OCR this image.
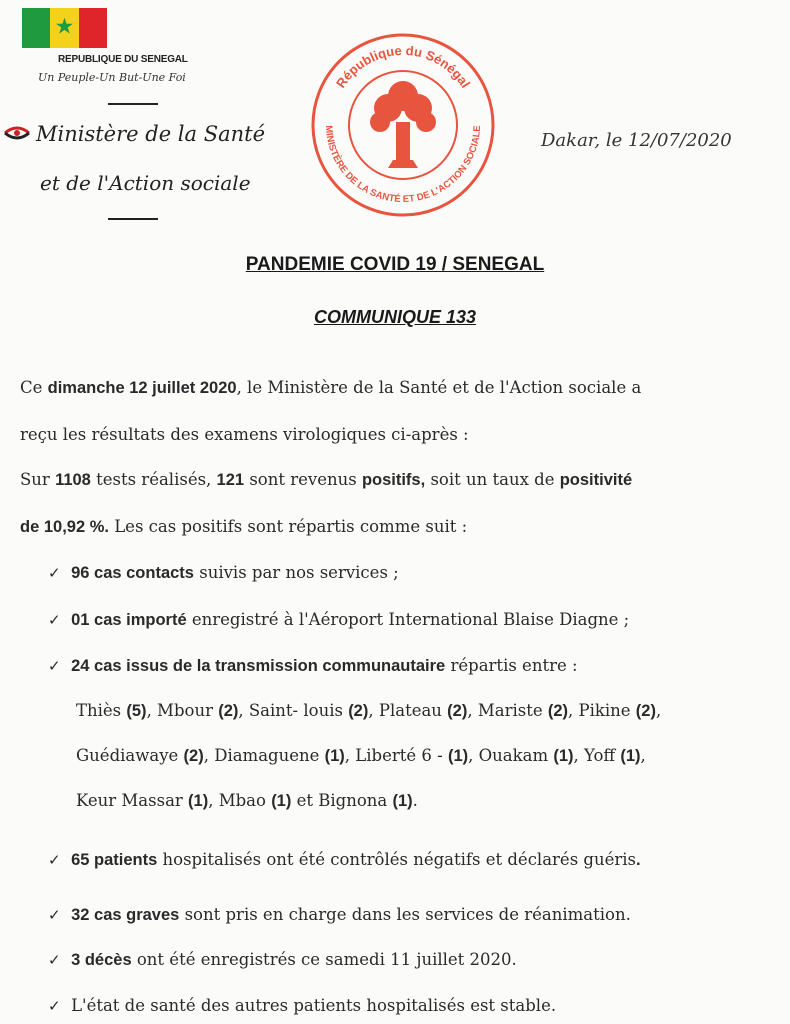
★
REPUBLIQUE DU SENEGAL
Un Peuple-Un But-Une Foi
Ministère de la Santé
et de l'Action sociale
République du Sénégal
MINISTÈRE DE LA SANTÉ ET DE L'ACTION SOCIALE
Dakar, le 12/07/2020
PANDEMIE COVID 19 / SENEGAL
COMMUNIQUE 133
Ce dimanche 12 juillet 2020, le Ministère de la Santé et de l'Action sociale a
reçu les résultats des examens virologiques ci-après :
Sur 1108 tests réalisés, 121 sont revenus positifs, soit un taux de positivité
de 10,92 %. Les cas positifs sont répartis comme suit :
✓ 96 cas contacts suivis par nos services ;
✓ 01 cas importé enregistré à l'Aéroport International Blaise Diagne ;
✓ 24 cas issus de la transmission communautaire répartis entre :
Thiès (5), Mbour (2), Saint- louis (2), Plateau (2), Mariste (2), Pikine (2),
Guédiawaye (2), Diamaguene (1), Liberté 6 - (1), Ouakam (1), Yoff (1),
Keur Massar (1), Mbao (1) et Bignona (1).
✓ 65 patients hospitalisés ont été contrôlés négatifs et déclarés guéris.
✓ 32 cas graves sont pris en charge dans les services de réanimation.
✓ 3 décès ont été enregistrés ce samedi 11 juillet 2020.
✓ L'état de santé des autres patients hospitalisés est stable.
